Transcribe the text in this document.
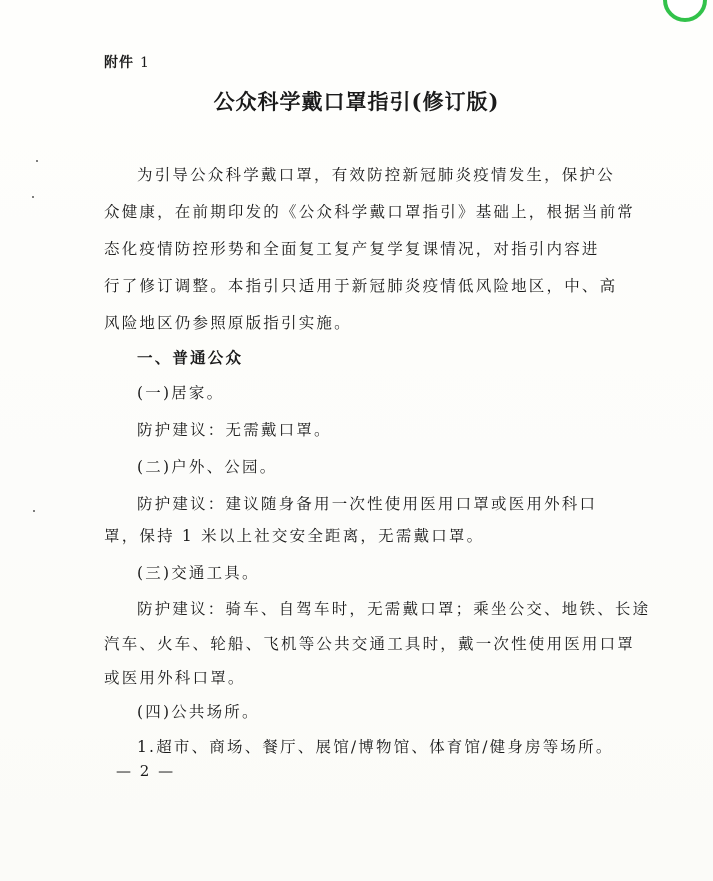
附件 1
公众科学戴口罩指引(修订版)
为引导公众科学戴口罩，有效防控新冠肺炎疫情发生，保护公
众健康，在前期印发的《公众科学戴口罩指引》基础上，根据当前常
态化疫情防控形势和全面复工复产复学复课情况，对指引内容进
行了修订调整。本指引只适用于新冠肺炎疫情低风险地区，中、高
风险地区仍参照原版指引实施。
一、普通公众
(一)居家。
防护建议：无需戴口罩。
(二)户外、公园。
防护建议：建议随身备用一次性使用医用口罩或医用外科口
罩，保持 1 米以上社交安全距离，无需戴口罩。
(三)交通工具。
防护建议：骑车、自驾车时，无需戴口罩；乘坐公交、地铁、长途
汽车、火车、轮船、飞机等公共交通工具时，戴一次性使用医用口罩
或医用外科口罩。
(四)公共场所。
1.超市、商场、餐厅、展馆/博物馆、体育馆/健身房等场所。
— 2 —
